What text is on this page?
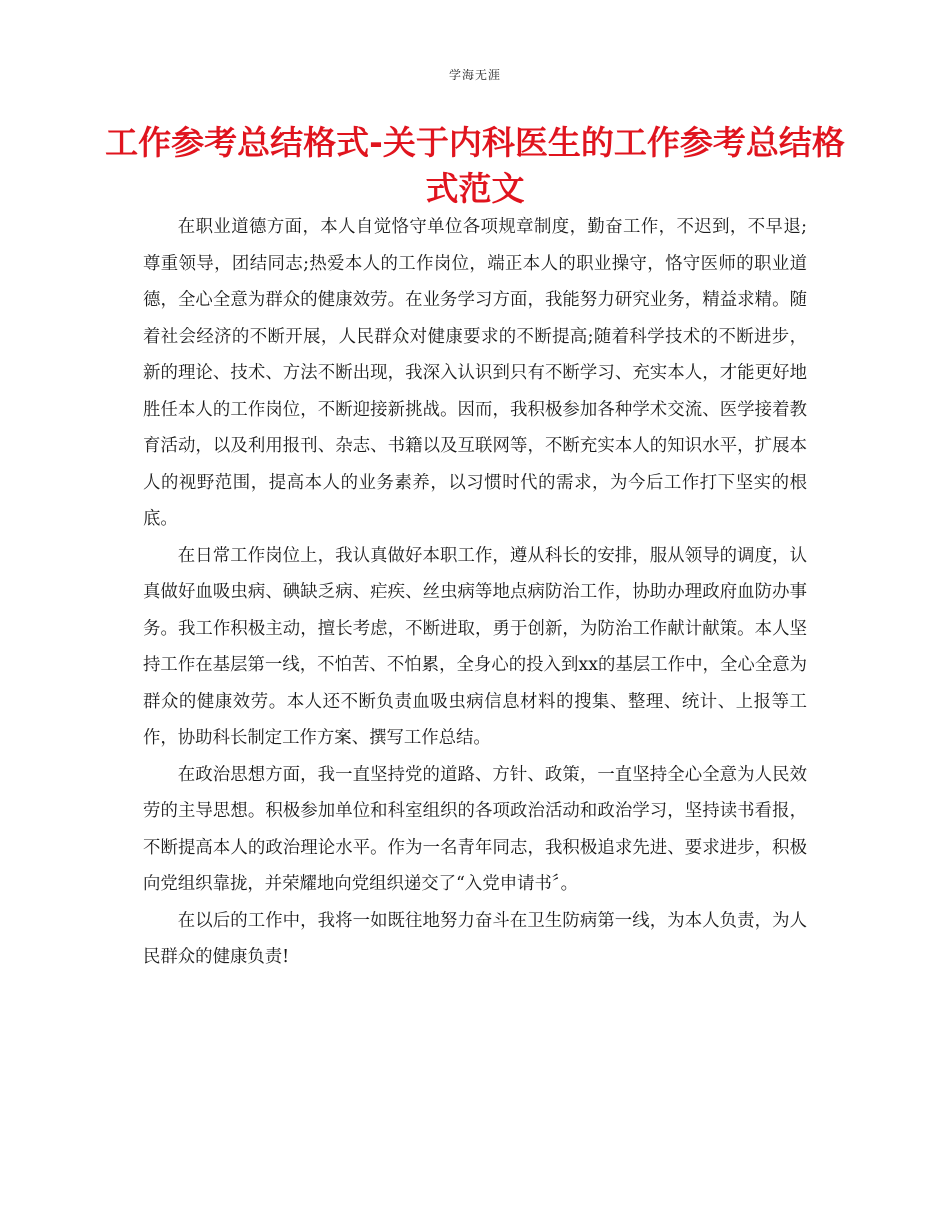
学海无涯
工作参考总结格式-关于内科医生的工作参考总结格式范文

在职业道德方面，本人自觉恪守单位各项规章制度，勤奋工作，不迟到，不早退;尊重领导，团结同志;热爱本人的工作岗位，端正本人的职业操守，恪守医师的职业道德，全心全意为群众的健康效劳。在业务学习方面，我能努力研究业务，精益求精。随着社会经济的不断开展，人民群众对健康要求的不断提高;随着科学技术的不断进步，新的理论、技术、方法不断出现，我深入认识到只有不断学习、充实本人，才能更好地胜任本人的工作岗位，不断迎接新挑战。因而，我积极参加各种学术交流、医学接着教育活动，以及利用报刊、杂志、书籍以及互联网等，不断充实本人的知识水平，扩展本人的视野范围，提高本人的业务素养，以习惯时代的需求，为今后工作打下坚实的根底。

在日常工作岗位上，我认真做好本职工作，遵从科长的安排，服从领导的调度，认真做好血吸虫病、碘缺乏病、疟疾、丝虫病等地点病防治工作，协助办理政府血防办事务。我工作积极主动，擅长考虑，不断进取，勇于创新，为防治工作献计献策。本人坚持工作在基层第一线，不怕苦、不怕累，全身心的投入到xx的基层工作中，全心全意为群众的健康效劳。本人还不断负责血吸虫病信息材料的搜集、整理、统计、上报等工作，协助科长制定工作方案、撰写工作总结。

在政治思想方面，我一直坚持党的道路、方针、政策，一直坚持全心全意为人民效劳的主导思想。积极参加单位和科室组织的各项政治活动和政治学习，坚持读书看报，不断提高本人的政治理论水平。作为一名青年同志，我积极追求先进、要求进步，积极向党组织靠拢，并荣耀地向党组织递交了“入党申请书〞。

在以后的工作中，我将一如既往地努力奋斗在卫生防病第一线，为本人负责，为人民群众的健康负责!
